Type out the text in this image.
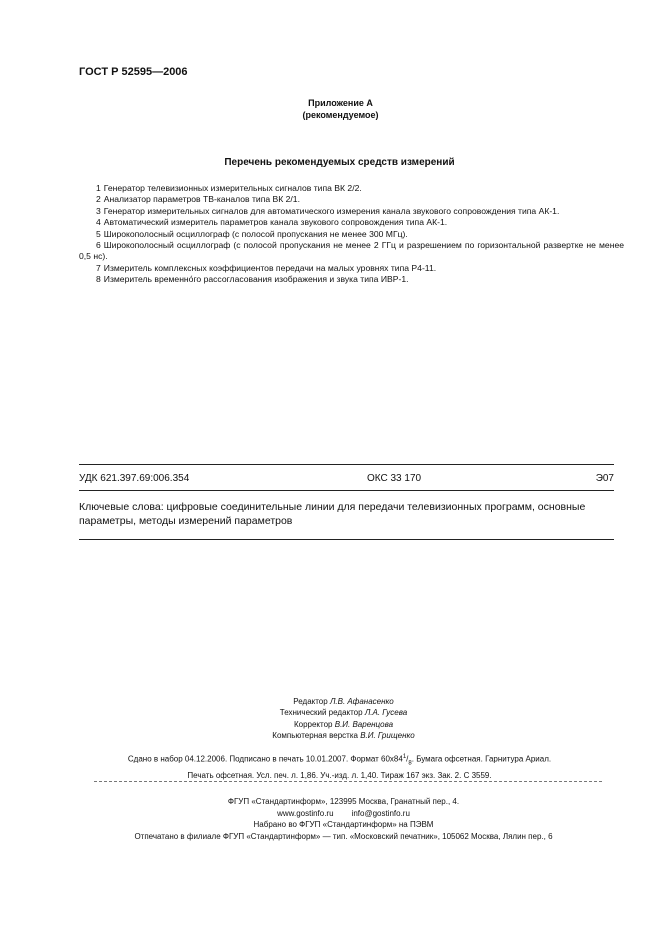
ГОСТ Р 52595—2006
Приложение А
(рекомендуемое)
Перечень рекомендуемых средств измерений
1 Генератор телевизионных измерительных сигналов типа ВК 2/2.
2 Анализатор параметров ТВ-каналов типа ВК 2/1.
3 Генератор измерительных сигналов для автоматического измерения канала звукового сопровождения типа АК-1.
4 Автоматический измеритель параметров канала звукового сопровождения типа АК-1.
5 Широкополосный осциллограф (с полосой пропускания не менее 300 МГц).
6 Широкополосный осциллограф (с полосой пропускания не менее 2 ГГц и разрешением по горизонтальной развертке не менее 0,5 нс).
7 Измеритель комплексных коэффициентов передачи на малых уровнях типа Р4-11.
8 Измеритель временно́го рассогласования изображения и звука типа ИВР-1.
УДК 621.397.69:006.354	ОКС 33 170	Э07
Ключевые слова: цифровые соединительные линии для передачи телевизионных программ, основные параметры, методы измерений параметров
Редактор Л.В. Афанасенко
Технический редактор Л.А. Гусева
Корректор В.И. Варенцова
Компьютерная верстка В.И. Грищенко
Сдано в набор 04.12.2006. Подписано в печать 10.01.2007. Формат $60x84^1/_8$. Бумага офсетная. Гарнитура Ариал.
Печать офсетная. Усл. печ. л. 1,86. Уч.-изд. л. 1,40. Тираж 167 экз. Зак. 2. С 3559.
ФГУП «Стандартинформ», 123995 Москва, Гранатный пер., 4.
www.gostinfo.ru info@gostinfo.ru
Набрано во ФГУП «Стандартинформ» на ПЭВМ
Отпечатано в филиале ФГУП «Стандартинформ» — тип. «Московский печатник», 105062 Москва, Лялин пер., 6
